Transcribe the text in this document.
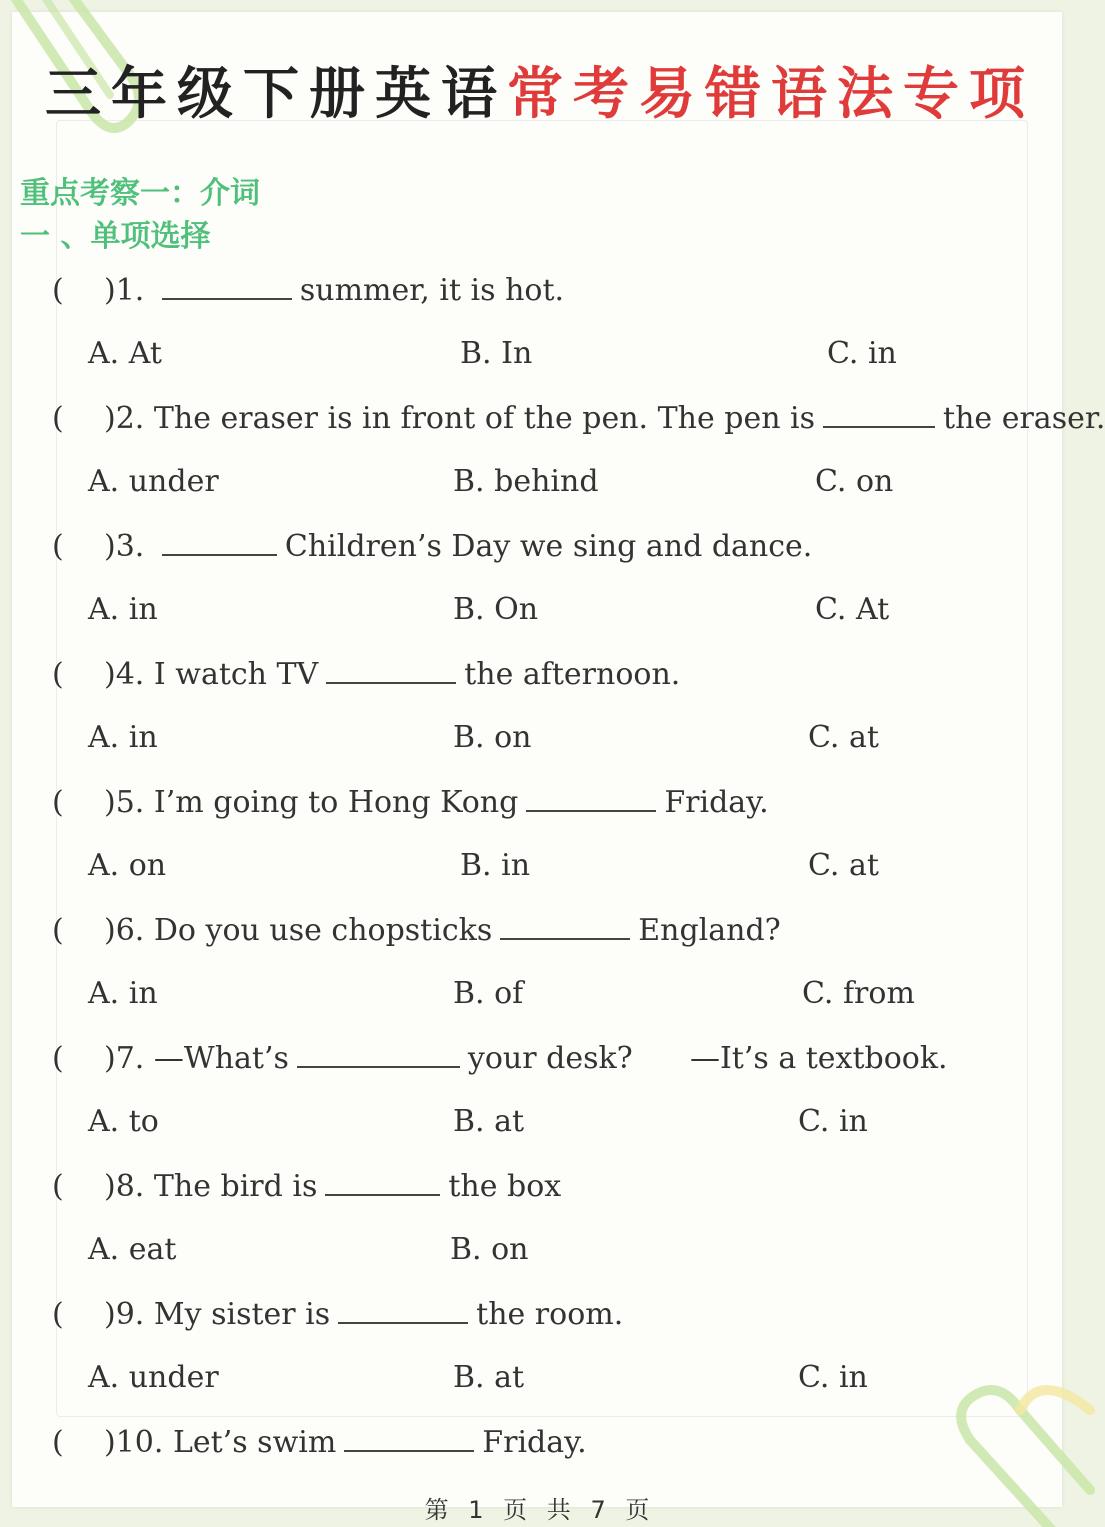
三年级下册英语常考易错语法专项
重点考察一：介词
一 、单项选择
( )1.	summer, it is hot.
A. At	B. In	C. in
( )2. The eraser is in front of the pen. The pen is	the eraser.
A. under	B. behind	C. on
( )3.	Children’s Day we sing and dance.
A. in	B. On	C. At
( )4. I watch TV	the afternoon.
A. in	B. on	C. at
( )5. I’m going to Hong Kong	Friday.
A. on	B. in	C. at
( )6. Do you use chopsticks	England?
A. in	B. of	C. from
( )7. —What’s	your desk?      —It’s a textbook.
A. to	B. at	C. in
( )8. The bird is	the box
A. eat	B. on
( )9. My sister is	the room.
A. under	B. at	C. in
( )10. Let’s swim	Friday.
第 1 页 共 7 页
